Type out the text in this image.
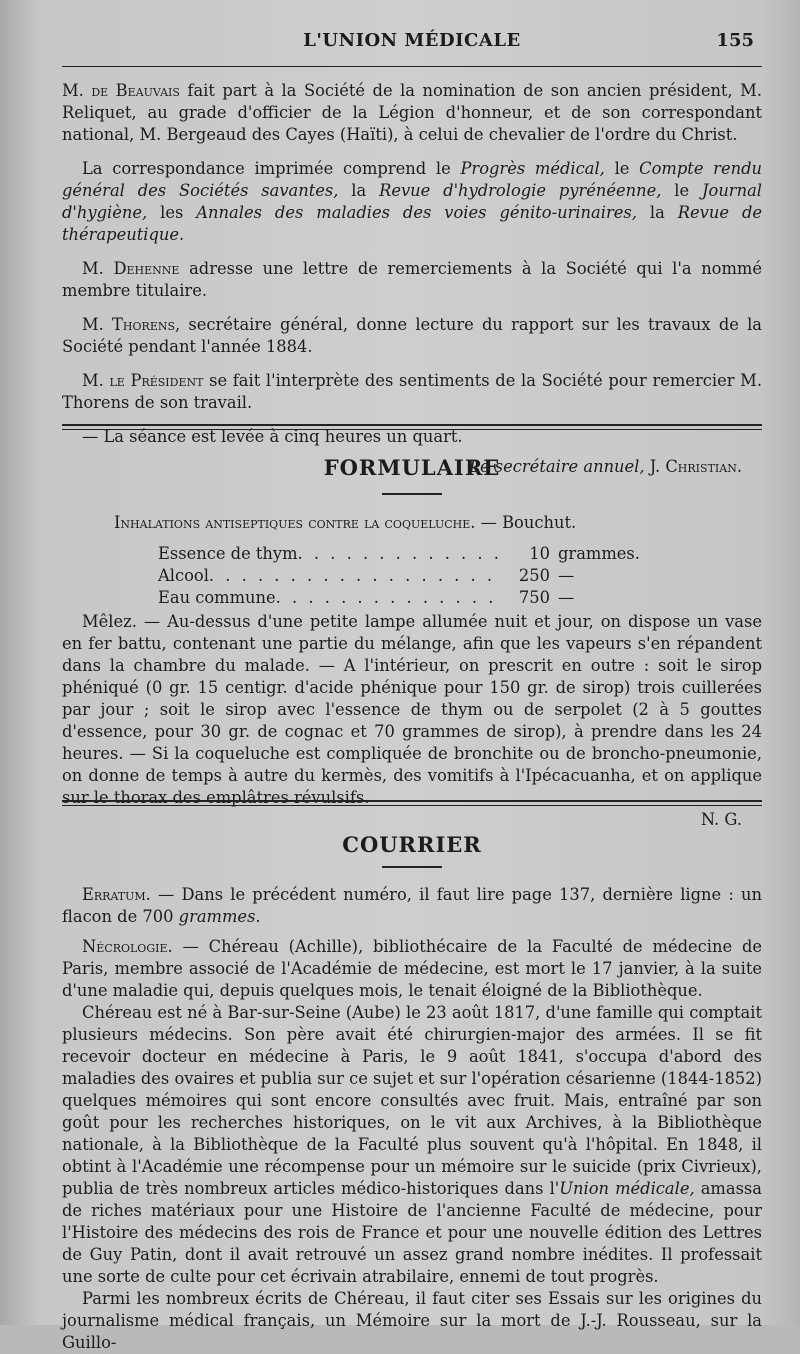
L'UNION MÉDICALE	155

M. de Beauvais fait part à la Société de la nomination de son ancien président, M. Reliquet, au grade d'officier de la Légion d'honneur, et de son correspondant national, M. Bergeaud des Cayes (Haïti), à celui de chevalier de l'ordre du Christ.

La correspondance imprimée comprend le Progrès médical, le Compte rendu général des Sociétés savantes, la Revue d'hydrologie pyrénéenne, le Journal d'hygiène, les Annales des maladies des voies génito-urinaires, la Revue de thérapeutique.

M. Dehenne adresse une lettre de remerciements à la Société qui l'a nommé membre titulaire.

M. Thorens, secrétaire général, donne lecture du rapport sur les travaux de la Société pendant l'année 1884.

M. le Président se fait l'interprète des sentiments de la Société pour remercier M. Thorens de son travail.

— La séance est levée à cinq heures un quart.

Le secrétaire annuel, J. Christian.

FORMULAIRE
Inhalations antiseptiques contre la coqueluche. — Bouchut.
Essence de thym . . .	10 grammes.
Alcool . . .	250 —
Eau commune . . .	750 —

Mêlez. — Au-dessus d'une petite lampe allumée nuit et jour, on dispose un vase en fer battu, contenant une partie du mélange, afin que les vapeurs s'en répandent dans la chambre du malade. — A l'intérieur, on prescrit en outre : soit le sirop phéniqué (0 gr. 15 centigr. d'acide phénique pour 150 gr. de sirop) trois cuillerées par jour ; soit le sirop avec l'essence de thym ou de serpolet (2 à 5 gouttes d'essence, pour 30 gr. de cognac et 70 grammes de sirop), à prendre dans les 24 heures. — Si la coqueluche est compliquée de bronchite ou de broncho-pneumonie, on donne de temps à autre du kermès, des vomitifs à l'Ipécacuanha, et on applique sur le thorax des emplâtres révulsifs.

N. G.

COURRIER

Erratum. — Dans le précédent numéro, il faut lire page 137, dernière ligne : un flacon de 700 grammes.

Nécrologie. — Chéreau (Achille), bibliothécaire de la Faculté de médecine de Paris, membre associé de l'Académie de médecine, est mort le 17 janvier, à la suite d'une maladie qui, depuis quelques mois, le tenait éloigné de la Bibliothèque.

Chéreau est né à Bar-sur-Seine (Aube) le 23 août 1817, d'une famille qui comptait plusieurs médecins. Son père avait été chirurgien-major des armées. Il se fit recevoir docteur en médecine à Paris, le 9 août 1841, s'occupa d'abord des maladies des ovaires et publia sur ce sujet et sur l'opération césarienne (1844-1852) quelques mémoires qui sont encore consultés avec fruit. Mais, entraîné par son goût pour les recherches historiques, on le vit aux Archives, à la Bibliothèque nationale, à la Bibliothèque de la Faculté plus souvent qu'à l'hôpital. En 1848, il obtint à l'Académie une récompense pour un mémoire sur le suicide (prix Civrieux), publia de très nombreux articles médico-historiques dans l'Union médicale, amassa de riches matériaux pour une Histoire de l'ancienne Faculté de médecine, pour l'Histoire des médecins des rois de France et pour une nouvelle édition des Lettres de Guy Patin, dont il avait retrouvé un assez grand nombre inédites. Il professait une sorte de culte pour cet écrivain atrabilaire, ennemi de tout progrès.

Parmi les nombreux écrits de Chéreau, il faut citer ses Essais sur les origines du journalisme médical français, un Mémoire sur la mort de J.-J. Rousseau, sur la Guillo-
